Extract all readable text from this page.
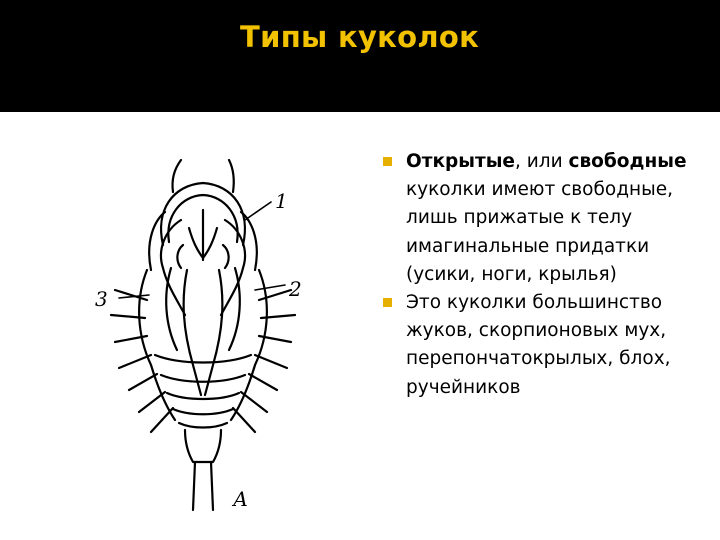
Типы куколок
1
2
3
А
Открытые, или свободные куколки имеют свободные, лишь прижатые к телу имагинальные придатки (усики, ноги, крылья)
Это куколки большинство жуков, скорпионовых мух, перепончатокрылых, блох, ручейников
